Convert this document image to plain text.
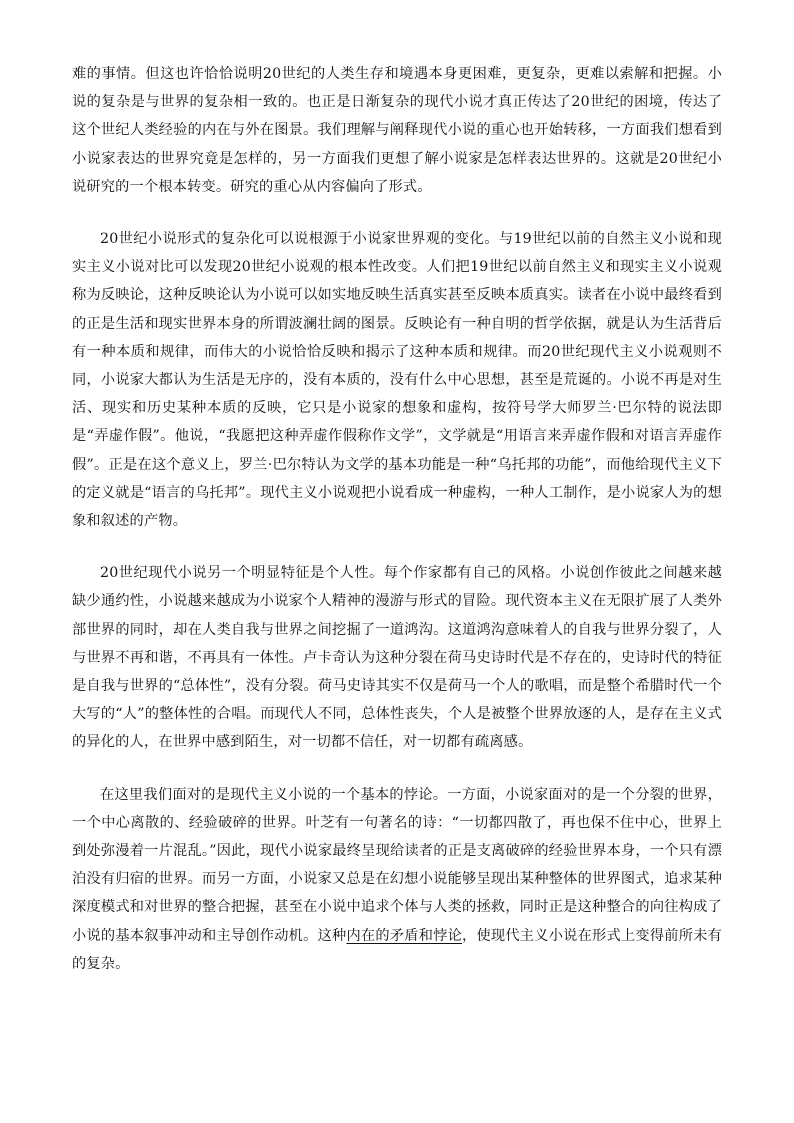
难的事情。但这也许恰恰说明20世纪的人类生存和境遇本身更困难，更复杂，更难以索解和把握。小说的复杂是与世界的复杂相一致的。也正是日渐复杂的现代小说才真正传达了20世纪的困境，传达了这个世纪人类经验的内在与外在图景。我们理解与阐释现代小说的重心也开始转移，一方面我们想看到小说家表达的世界究竟是怎样的，另一方面我们更想了解小说家是怎样表达世界的。这就是20世纪小说研究的一个根本转变。研究的重心从内容偏向了形式。

20世纪小说形式的复杂化可以说根源于小说家世界观的变化。与19世纪以前的自然主义小说和现实主义小说对比可以发现20世纪小说观的根本性改变。人们把19世纪以前自然主义和现实主义小说观称为反映论，这种反映论认为小说可以如实地反映生活真实甚至反映本质真实。读者在小说中最终看到的正是生活和现实世界本身的所谓波澜壮阔的图景。反映论有一种自明的哲学依据，就是认为生活背后有一种本质和规律，而伟大的小说恰恰反映和揭示了这种本质和规律。而20世纪现代主义小说观则不同，小说家大都认为生活是无序的，没有本质的，没有什么中心思想，甚至是荒诞的。小说不再是对生活、现实和历史某种本质的反映，它只是小说家的想象和虚构，按符号学大师罗兰·巴尔特的说法即是“弄虚作假”。他说，“我愿把这种弄虚作假称作文学”，文学就是“用语言来弄虚作假和对语言弄虚作假”。正是在这个意义上，罗兰·巴尔特认为文学的基本功能是一种“乌托邦的功能”，而他给现代主义下的定义就是“语言的乌托邦”。现代主义小说观把小说看成一种虚构，一种人工制作，是小说家人为的想象和叙述的产物。

20世纪现代小说另一个明显特征是个人性。每个作家都有自己的风格。小说创作彼此之间越来越缺少通约性，小说越来越成为小说家个人精神的漫游与形式的冒险。现代资本主义在无限扩展了人类外部世界的同时，却在人类自我与世界之间挖掘了一道鸿沟。这道鸿沟意味着人的自我与世界分裂了，人与世界不再和谐，不再具有一体性。卢卡奇认为这种分裂在荷马史诗时代是不存在的，史诗时代的特征是自我与世界的“总体性”，没有分裂。荷马史诗其实不仅是荷马一个人的歌唱，而是整个希腊时代一个大写的“人”的整体性的合唱。而现代人不同，总体性丧失，个人是被整个世界放逐的人，是存在主义式的异化的人，在世界中感到陌生，对一切都不信任，对一切都有疏离感。

在这里我们面对的是现代主义小说的一个基本的悖论。一方面，小说家面对的是一个分裂的世界，一个中心离散的、经验破碎的世界。叶芝有一句著名的诗：“一切都四散了，再也保不住中心，世界上到处弥漫着一片混乱。”因此，现代小说家最终呈现给读者的正是支离破碎的经验世界本身，一个只有漂泊没有归宿的世界。而另一方面，小说家又总是在幻想小说能够呈现出某种整体的世界图式，追求某种深度模式和对世界的整合把握，甚至在小说中追求个体与人类的拯救，同时正是这种整合的向往构成了小说的基本叙事冲动和主导创作动机。这种内在的矛盾和悖论，使现代主义小说在形式上变得前所未有的复杂。
